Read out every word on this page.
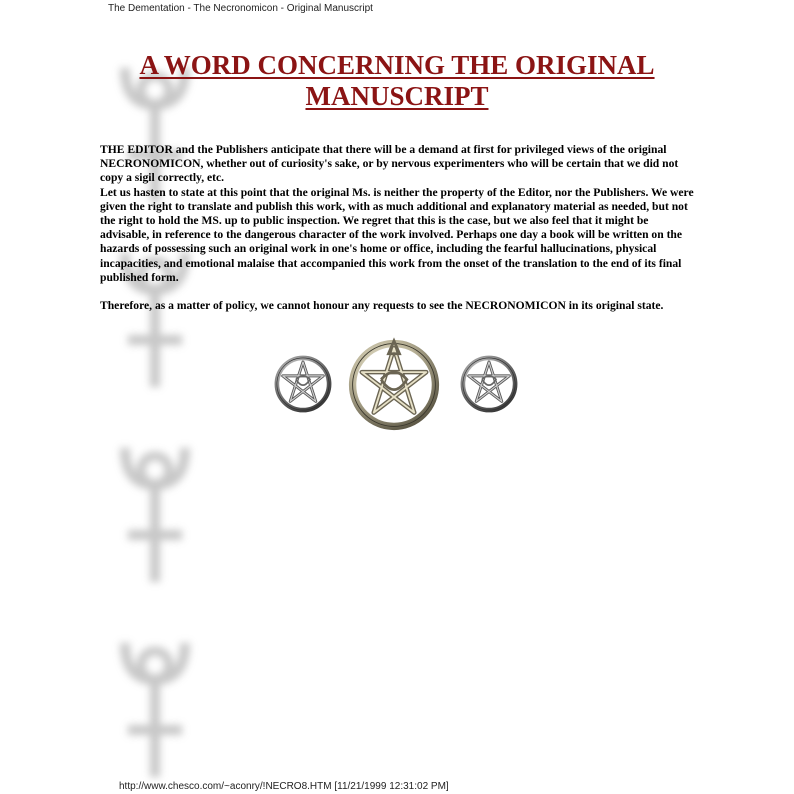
The Dementation - The Necronomicon - Original Manuscript
A WORD CONCERNING THE ORIGINAL
MANUSCRIPT

THE EDITOR and the Publishers anticipate that there will be a demand at first for privileged views of the original NECRONOMICON, whether out of curiosity's sake, or by nervous experimenters who will be certain that we did not copy a sigil correctly, etc.

Let us hasten to state at this point that the original Ms. is neither the property of the Editor, nor the Publishers. We were given the right to translate and publish this work, with as much additional and explanatory material as needed, but not the right to hold the MS. up to public inspection. We regret that this is the case, but we also feel that it might be advisable, in reference to the dangerous character of the work involved. Perhaps one day a book will be written on the hazards of possessing such an original work in one's home or office, including the fearful hallucinations, physical incapacities, and emotional malaise that accompanied this work from the onset of the translation to the end of its final published form.

Therefore, as a matter of policy, we cannot honour any requests to see the NECRONOMICON in its original state.

http://www.chesco.com/~aconry/!NECRO8.HTM [11/21/1999 12:31:02 PM]
